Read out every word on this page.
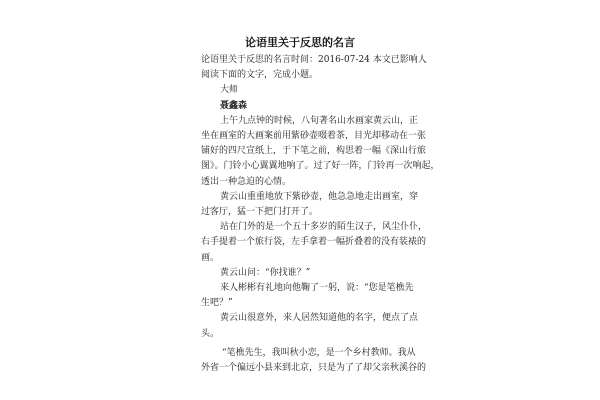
论语里关于反思的名言
论语里关于反思的名言时间：2016-07-24 本文已影响人
阅读下面的文字，完成小题。
大师
聂鑫森
上午九点钟的时候，八旬著名山水画家黄云山，正
坐在画室的大画案前用紫砂壶啜着茶，目光却移动在一张
铺好的四尺宣纸上，于下笔之前，构思着一幅《深山行旅
图》。门铃小心翼翼地响了。过了好一阵，门铃再一次响起，
透出一种急迫的心情。
黄云山重重地放下紫砂壶，他急急地走出画室，穿
过客厅，猛一下把门打开了。
站在门外的是一个五十多岁的陌生汉子，风尘仆仆，
右手提着一个旅行袋，左手拿着一幅折叠着的没有装裱的
画。
黄云山问：“你找谁？”
来人彬彬有礼地向他鞠了一躬，说：“您是笔樵先
生吧？”
黄云山很意外，来人居然知道他的名字，便点了点
头。
“笔樵先生，我叫秋小恋，是一个乡村教师。我从
外省一个偏远小县来到北京，只是为了了却父亲秋溪谷的
